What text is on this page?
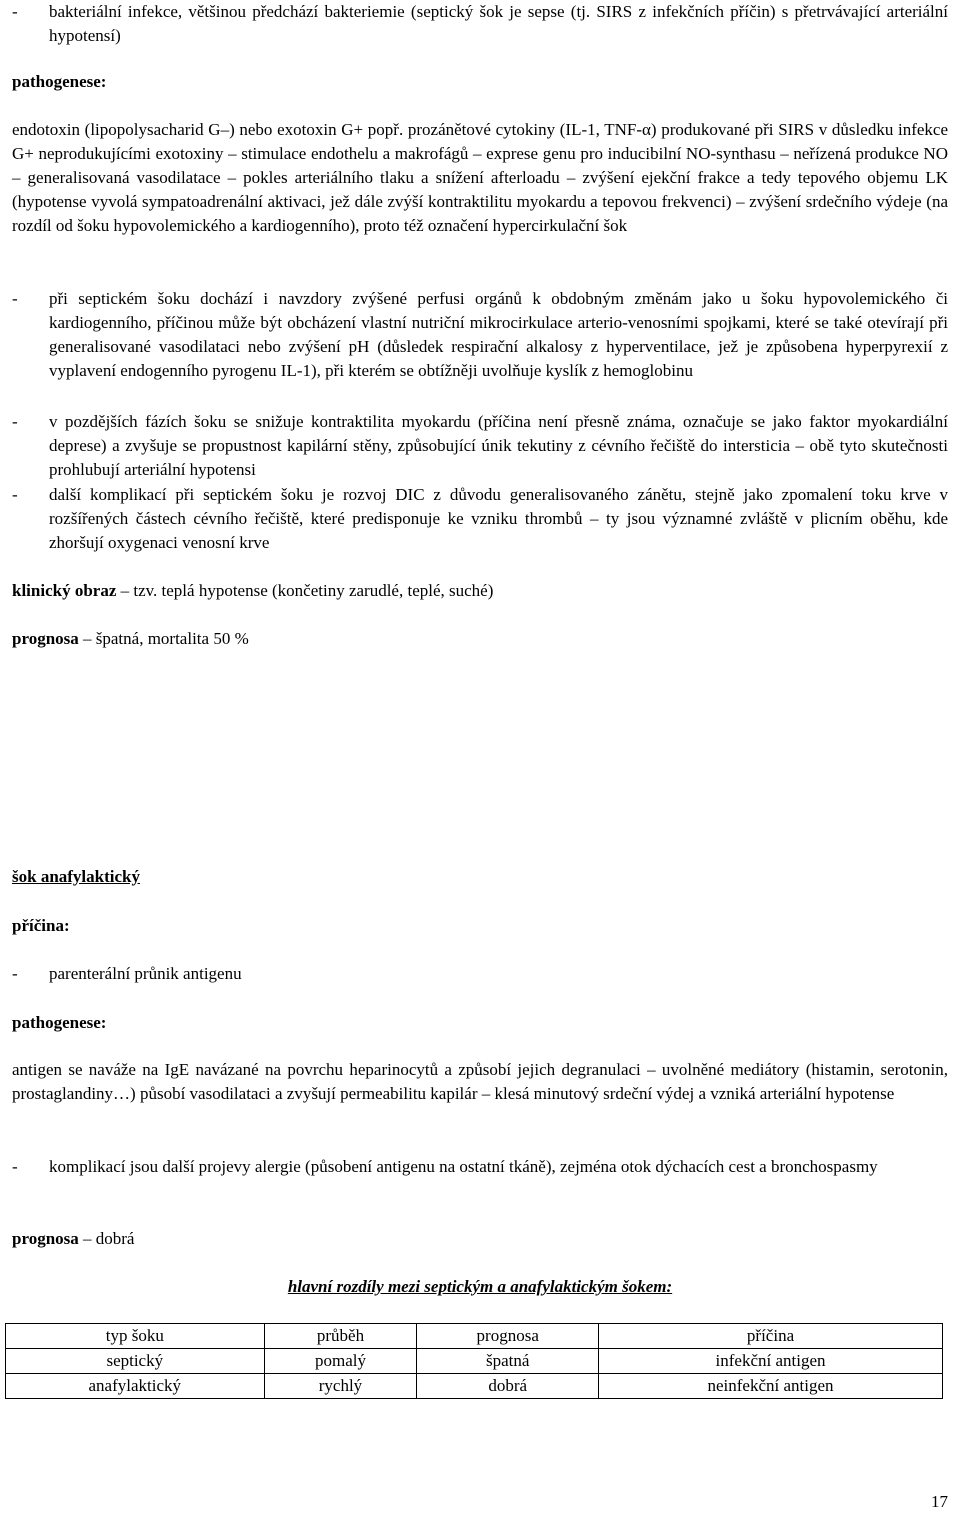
-	bakteriální infekce, většinou předchází bakteriemie (septický šok je sepse (tj. SIRS z infekčních příčin) s přetrvávající arteriální hypotensí)

pathogenese:

endotoxin (lipopolysacharid G–) nebo exotoxin G+ popř. prozánětové cytokiny (IL-1, TNF-α) produkované při SIRS v důsledku infekce G+ neprodukujícími exotoxiny – stimulace endothelu a makrofágů – exprese genu pro inducibilní NO-synthasu – neřízená produkce NO – generalisovaná vasodilatace – pokles arteriálního tlaku a snížení afterloadu – zvýšení ejekční frakce a tedy tepového objemu LK (hypotense vyvolá sympatoadrenální aktivaci, jež dále zvýší kontraktilitu myokardu a tepovou frekvenci) – zvýšení srdečního výdeje (na rozdíl od šoku hypovolemického a kardiogenního), proto též označení hypercirkulační šok

-	při septickém šoku dochází i navzdory zvýšené perfusi orgánů k obdobným změnám jako u šoku hypovolemického či kardiogenního, příčinou může být obcházení vlastní nutriční mikrocirkulace arterio-venosními spojkami, které se také otevírají při generalisované vasodilataci nebo zvýšení pH (důsledek respirační alkalosy z hyperventilace, jež je způsobena hyperpyrexií z vyplavení endogenního pyrogenu IL-1), při kterém se obtížněji uvolňuje kyslík z hemoglobinu
-	v pozdějších fázích šoku se snižuje kontraktilita myokardu (příčina není přesně známa, označuje se jako faktor myokardiální deprese) a zvyšuje se propustnost kapilární stěny, způsobující únik tekutiny z cévního řečiště do intersticia – obě tyto skutečnosti prohlubují arteriální hypotensi
-	další komplikací při septickém šoku je rozvoj DIC z důvodu generalisovaného zánětu, stejně jako zpomalení toku krve v rozšířených částech cévního řečiště, které predisponuje ke vzniku thrombů – ty jsou významné zvláště v plicním oběhu, kde zhoršují oxygenaci venosní krve

klinický obraz – tzv. teplá hypotense (končetiny zarudlé, teplé, suché)

prognosa – špatná, mortalita 50 %

šok anafylaktický

příčina:

-	parenterální průnik antigenu

pathogenese:

antigen se naváže na IgE navázané na povrchu heparinocytů a způsobí jejich degranulaci – uvolněné mediátory (histamin, serotonin, prostaglandiny…) působí vasodilataci a zvyšují permeabilitu kapilár – klesá minutový srdeční výdej a vzniká arteriální hypotense

-	komplikací jsou další projevy alergie (působení antigenu na ostatní tkáně), zejména otok dýchacích cest a bronchospasmy

prognosa – dobrá

hlavní rozdíly mezi septickým a anafylaktickým šokem:

typ šoku	průběh	prognosa	příčina
septický	pomalý	špatná	infekční antigen
anafylaktický	rychlý	dobrá	neinfekční antigen
17
